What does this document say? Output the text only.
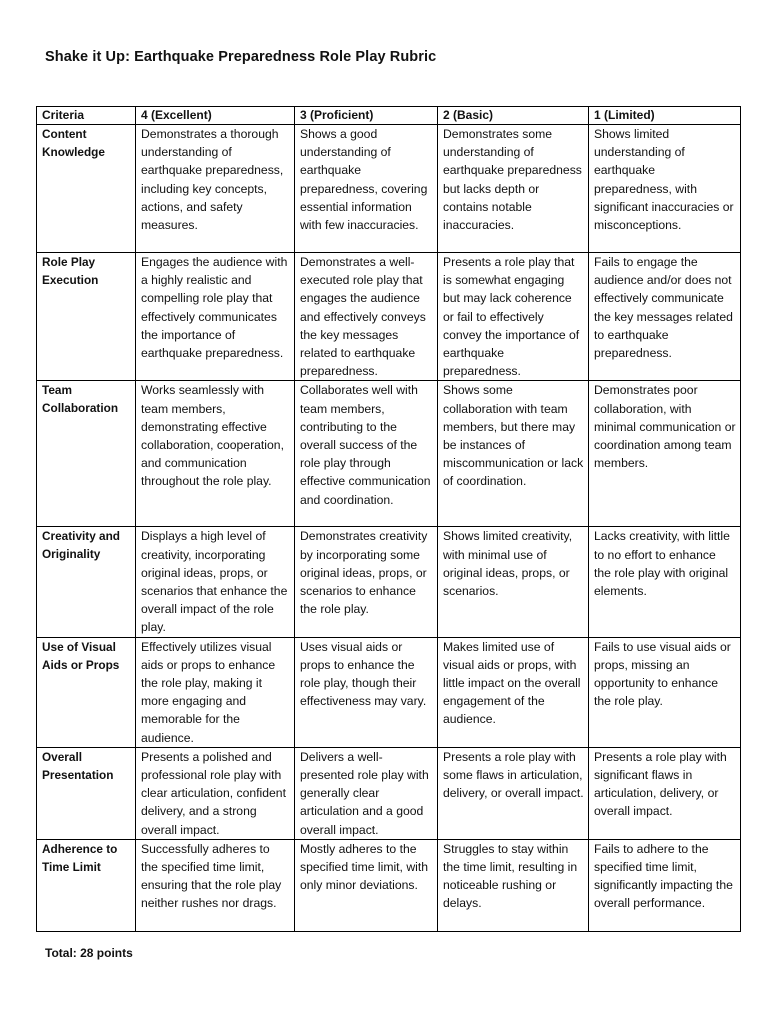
Shake it Up: Earthquake Preparedness Role Play Rubric
Criteria	4 (Excellent)	3 (Proficient)	2 (Basic)	1 (Limited)
Content Knowledge	Demonstrates a thorough understanding of earthquake preparedness, including key concepts, actions, and safety measures.	Shows a good understanding of earthquake preparedness, covering essential information with few inaccuracies.	Demonstrates some understanding of earthquake preparedness but lacks depth or contains notable inaccuracies.	Shows limited understanding of earthquake preparedness, with significant inaccuracies or misconceptions.
Role Play Execution	Engages the audience with a highly realistic and compelling role play that effectively communicates the importance of earthquake preparedness.	Demonstrates a well-executed role play that engages the audience and effectively conveys the key messages related to earthquake preparedness.	Presents a role play that is somewhat engaging but may lack coherence or fail to effectively convey the importance of earthquake preparedness.	Fails to engage the audience and/or does not effectively communicate the key messages related to earthquake preparedness.
Team Collaboration	Works seamlessly with team members, demonstrating effective collaboration, cooperation, and communication throughout the role play.	Collaborates well with team members, contributing to the overall success of the role play through effective communication and coordination.	Shows some collaboration with team members, but there may be instances of miscommunication or lack of coordination.	Demonstrates poor collaboration, with minimal communication or coordination among team members.
Creativity and Originality	Displays a high level of creativity, incorporating original ideas, props, or scenarios that enhance the overall impact of the role play.	Demonstrates creativity by incorporating some original ideas, props, or scenarios to enhance the role play.	Shows limited creativity, with minimal use of original ideas, props, or scenarios.	Lacks creativity, with little to no effort to enhance the role play with original elements.
Use of Visual Aids or Props	Effectively utilizes visual aids or props to enhance the role play, making it more engaging and memorable for the audience.	Uses visual aids or props to enhance the role play, though their effectiveness may vary.	Makes limited use of visual aids or props, with little impact on the overall engagement of the audience.	Fails to use visual aids or props, missing an opportunity to enhance the role play.
Overall Presentation	Presents a polished and professional role play with clear articulation, confident delivery, and a strong overall impact.	Delivers a well-presented role play with generally clear articulation and a good overall impact.	Presents a role play with some flaws in articulation, delivery, or overall impact.	Presents a role play with significant flaws in articulation, delivery, or overall impact.
Adherence to Time Limit	Successfully adheres to the specified time limit, ensuring that the role play neither rushes nor drags.	Mostly adheres to the specified time limit, with only minor deviations.	Struggles to stay within the time limit, resulting in noticeable rushing or delays.	Fails to adhere to the specified time limit, significantly impacting the overall performance.
Total: 28 points
